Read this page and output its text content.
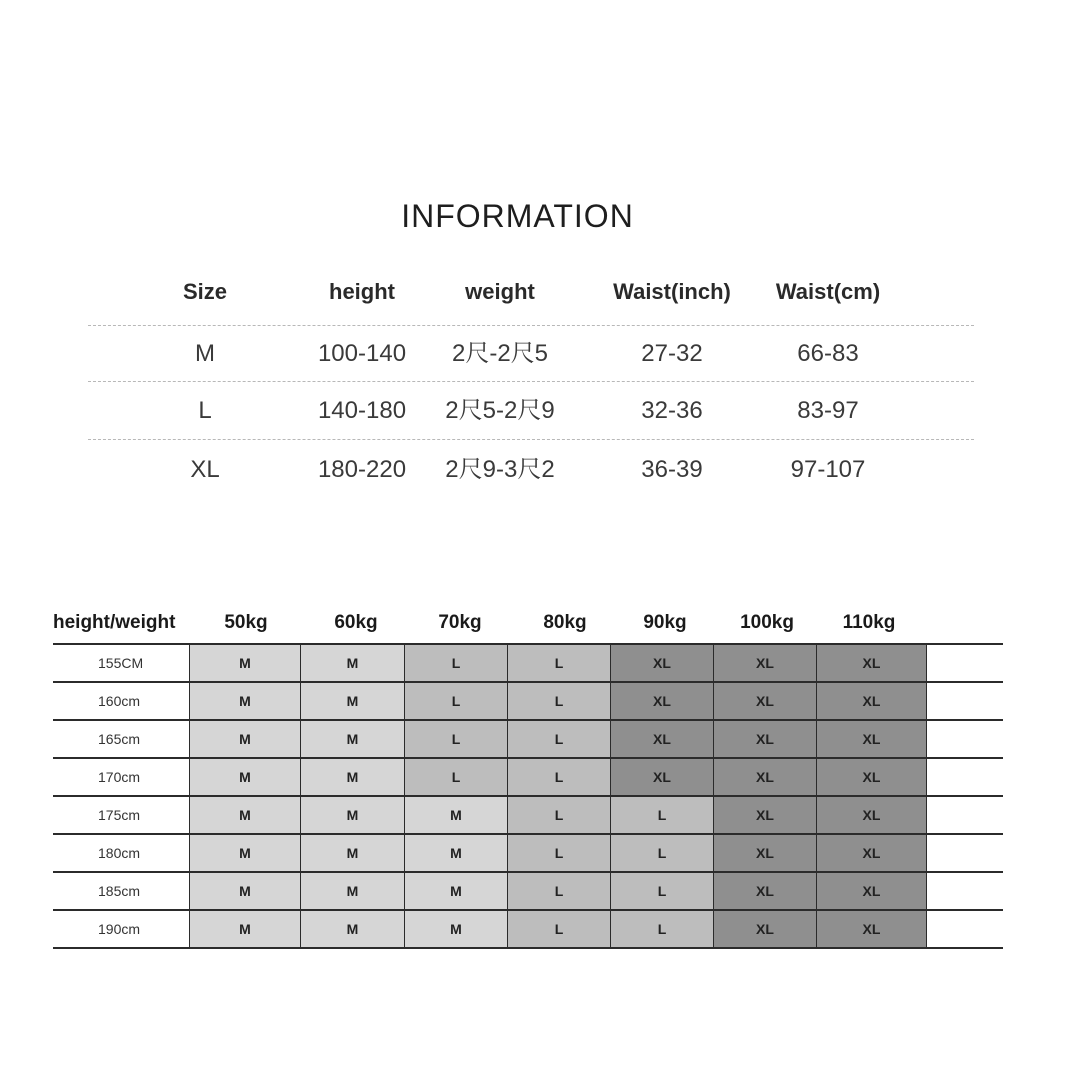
INFORMATION
Size	height	weight	Waist(inch) Waist(cm)
M	100-140 2尺-2尺5	27-32	66-83
L	140-180 2尺5-2尺9	32-36	83-97
XL	180-220 2尺9-3尺2	36-39	97-107
height/weight	50kg	60kg	70kg	80kg	90kg	100kg	110kg
155CM	M	M	L	L	XL	XL	XL
160cm	M	M	L	L	XL	XL	XL
165cm	M	M	L	L	XL	XL	XL
170cm	M	M	L	L	XL	XL	XL
175cm	M	M	M	L	L	XL	XL
180cm	M	M	M	L	L	XL	XL
185cm	M	M	M	L	L	XL	XL
190cm	M	M	M	L	L	XL	XL
